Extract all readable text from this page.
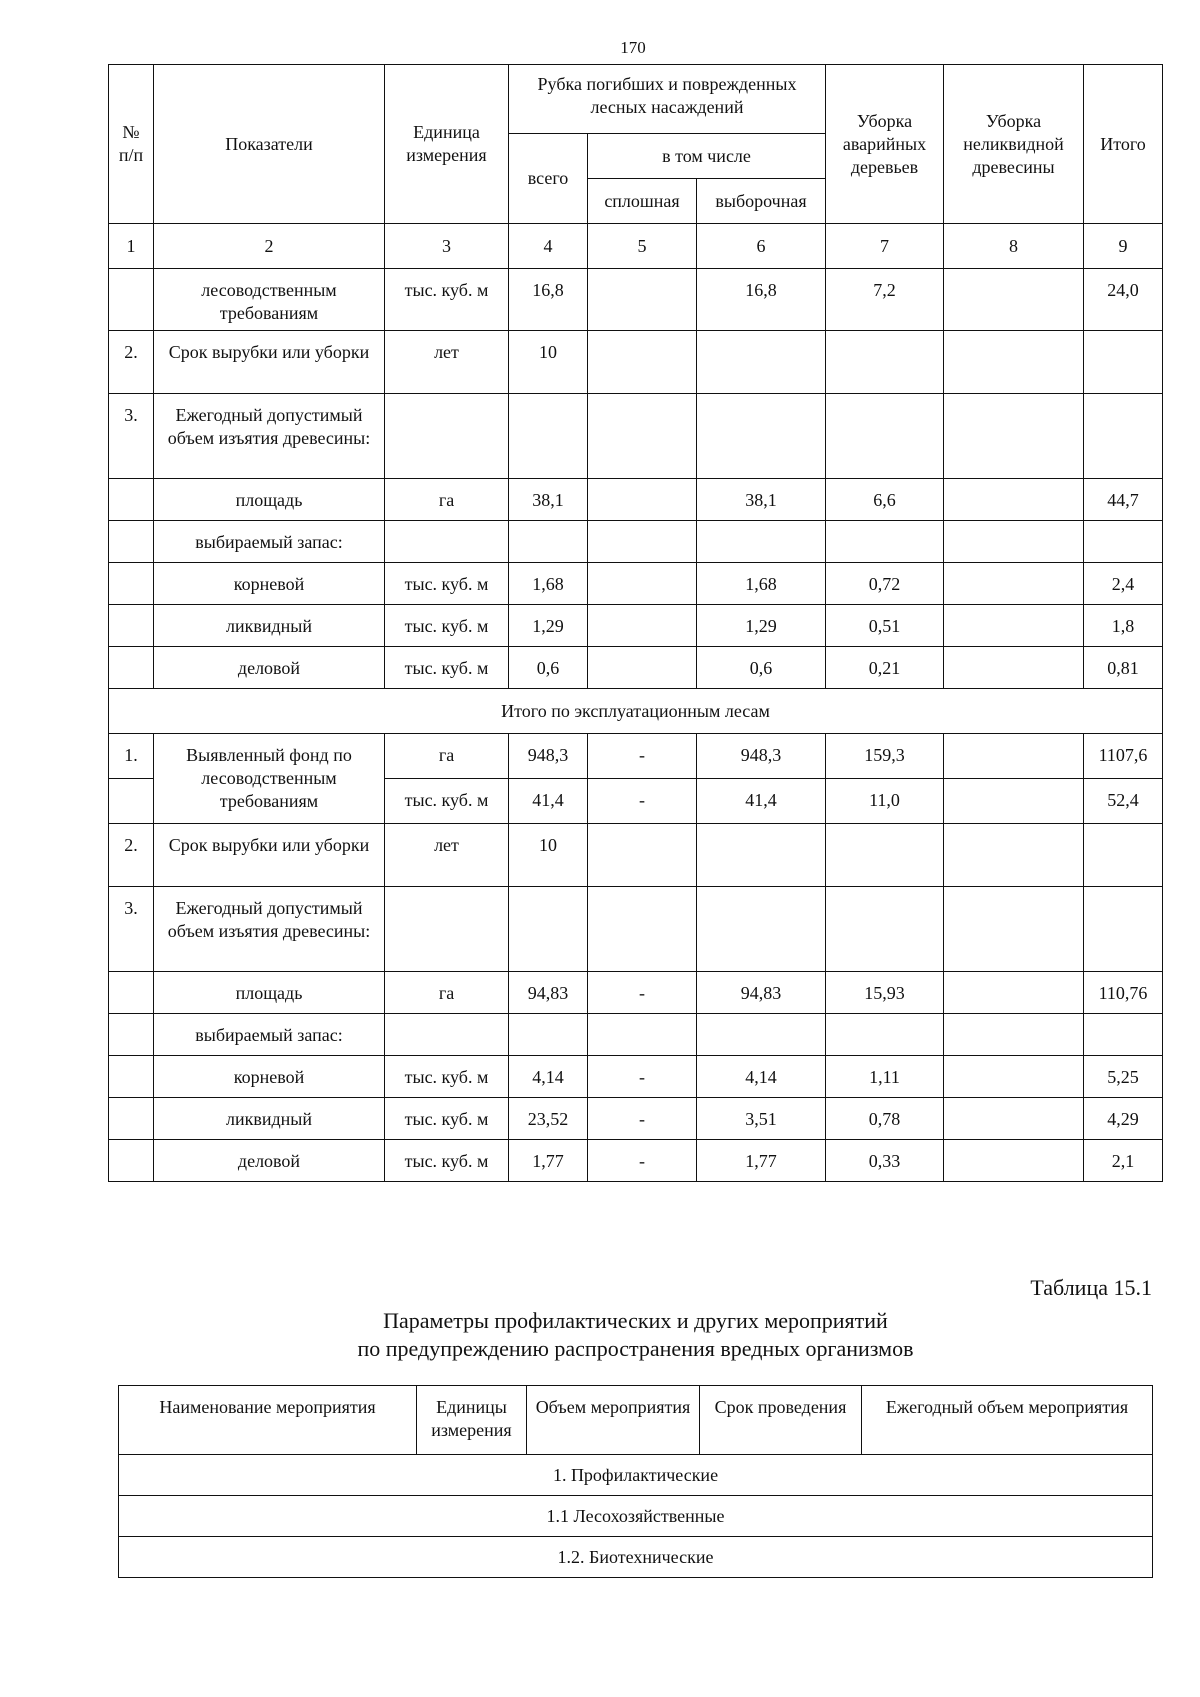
170
№ п/п	Показатели	Единица измерения	Рубка погибших и поврежденных лесных насаждений			Уборка аварийных деревьев	Уборка неликвидной древесины	Итого
			всего	в том числе				
				сплошная	выборочная			
1	2	3	4	5	6	7	8	9
	лесоводственным требованиям	тыс. куб. м	16,8		16,8	7,2		24,0
2.	Срок вырубки или уборки	лет	10					
3.	Ежегодный допустимый объем изъятия древесины:							
	площадь	га	38,1		38,1	6,6		44,7
	выбираемый запас:							
	корневой	тыс. куб. м	1,68		1,68	0,72		2,4
	ликвидный	тыс. куб. м	1,29		1,29	0,51		1,8
	деловой	тыс. куб. м	0,6		0,6	0,21		0,81
Итого по эксплуатационным лесам								
1.	Выявленный фонд по лесоводственным требованиям	га	948,3	-	948,3	159,3		1107,6
		тыс. куб. м	41,4	-	41,4	11,0		52,4
2.	Срок вырубки или уборки	лет	10					
3.	Ежегодный допустимый объем изъятия древесины:							
	площадь	га	94,83	-	94,83	15,93		110,76
	выбираемый запас:							
	корневой	тыс. куб. м	4,14	-	4,14	1,11		5,25
	ликвидный	тыс. куб. м	23,52	-	3,51	0,78		4,29
	деловой	тыс. куб. м	1,77	-	1,77	0,33		2,1
Таблица 15.1
Параметры профилактических и других мероприятий
по предупреждению распространения вредных организмов
Наименование мероприятия	Единицы измерения	Объем мероприятия	Срок проведения	Ежегодный объем мероприятия
1. Профилактические
1.1 Лесохозяйственные
1.2. Биотехнические
